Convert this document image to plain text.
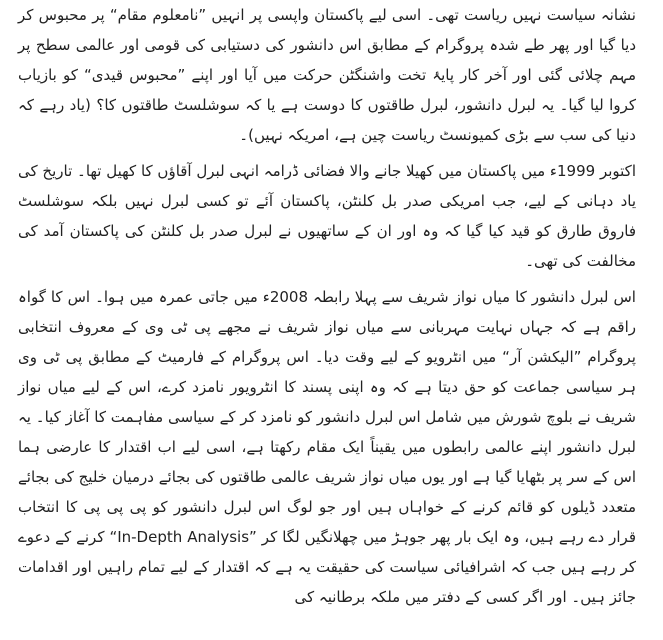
نشانہ سیاست نہیں ریاست تھی۔ اسی لیے پاکستان واپسی پر انہیں ”نامعلوم مقام“ پر محبوس کر دیا گیا اور پھر طے شدہ پروگرام کے مطابق اس دانشور کی دستیابی کی قومی اور عالمی سطح پر مہم چلائی گئی اور آخر کار پایۂ تخت واشنگٹن حرکت میں آیا اور اپنے ”محبوس قیدی“ کو بازیاب کروا لیا گیا۔ یہ لبرل دانشور، لبرل طاقتوں کا دوست ہے یا کہ سوشلسٹ طاقتوں کا؟ (یاد رہے کہ دنیا کی سب سے بڑی کمیونسٹ ریاست چین ہے، امریکہ نہیں)۔

اکتوبر 1999ء میں پاکستان میں کھیلا جانے والا فضائی ڈرامہ انہی لبرل آقاؤں کا کھیل تھا۔ تاریخ کی یاد دہانی کے لیے، جب امریکی صدر بل کلنٹن، پاکستان آئے تو کسی لبرل نہیں بلکہ سوشلسٹ فاروق طارق کو قید کیا گیا کہ وہ اور ان کے ساتھیوں نے لبرل صدر بل کلنٹن کی پاکستان آمد کی مخالفت کی تھی۔

اس لبرل دانشور کا میاں نواز شریف سے پہلا رابطہ 2008ء میں جاتی عمرہ میں ہوا۔ اس کا گواہ راقم ہے کہ جہاں نہایت مہربانی سے میاں نواز شریف نے مجھے پی ٹی وی کے معروف انتخابی پروگرام ”الیکشن آر“ میں انٹرویو کے لیے وقت دیا۔ اس پروگرام کے فارمیٹ کے مطابق پی ٹی وی ہر سیاسی جماعت کو حق دیتا ہے کہ وہ اپنی پسند کا انٹرویور نامزد کرے، اس کے لیے میاں نواز شریف نے بلوچ شورش میں شامل اس لبرل دانشور کو نامزد کر کے سیاسی مفاہمت کا آغاز کیا۔ یہ لبرل دانشور اپنے عالمی رابطوں میں یقیناً ایک مقام رکھتا ہے، اسی لیے اب اقتدار کا عارضی ہما اس کے سر پر بٹھایا گیا ہے اور یوں میاں نواز شریف عالمی طاقتوں کی بجائے درمیان خلیج کی بجائے متعدد ڈیلوں کو قائم کرنے کے خواہاں ہیں اور جو لوگ اس لبرل دانشور کو پی پی پی کا انتخاب قرار دے رہے ہیں، وہ ایک بار پھر جوہڑ میں چھلانگیں لگا کر ”In-Depth Analysis“ کرنے کے دعوے کر رہے ہیں جب کہ اشرافیائی سیاست کی حقیقت یہ ہے کہ اقتدار کے لیے تمام راہیں اور اقدامات جائز ہیں۔ اور اگر کسی کے دفتر میں ملکہ برطانیہ کی
